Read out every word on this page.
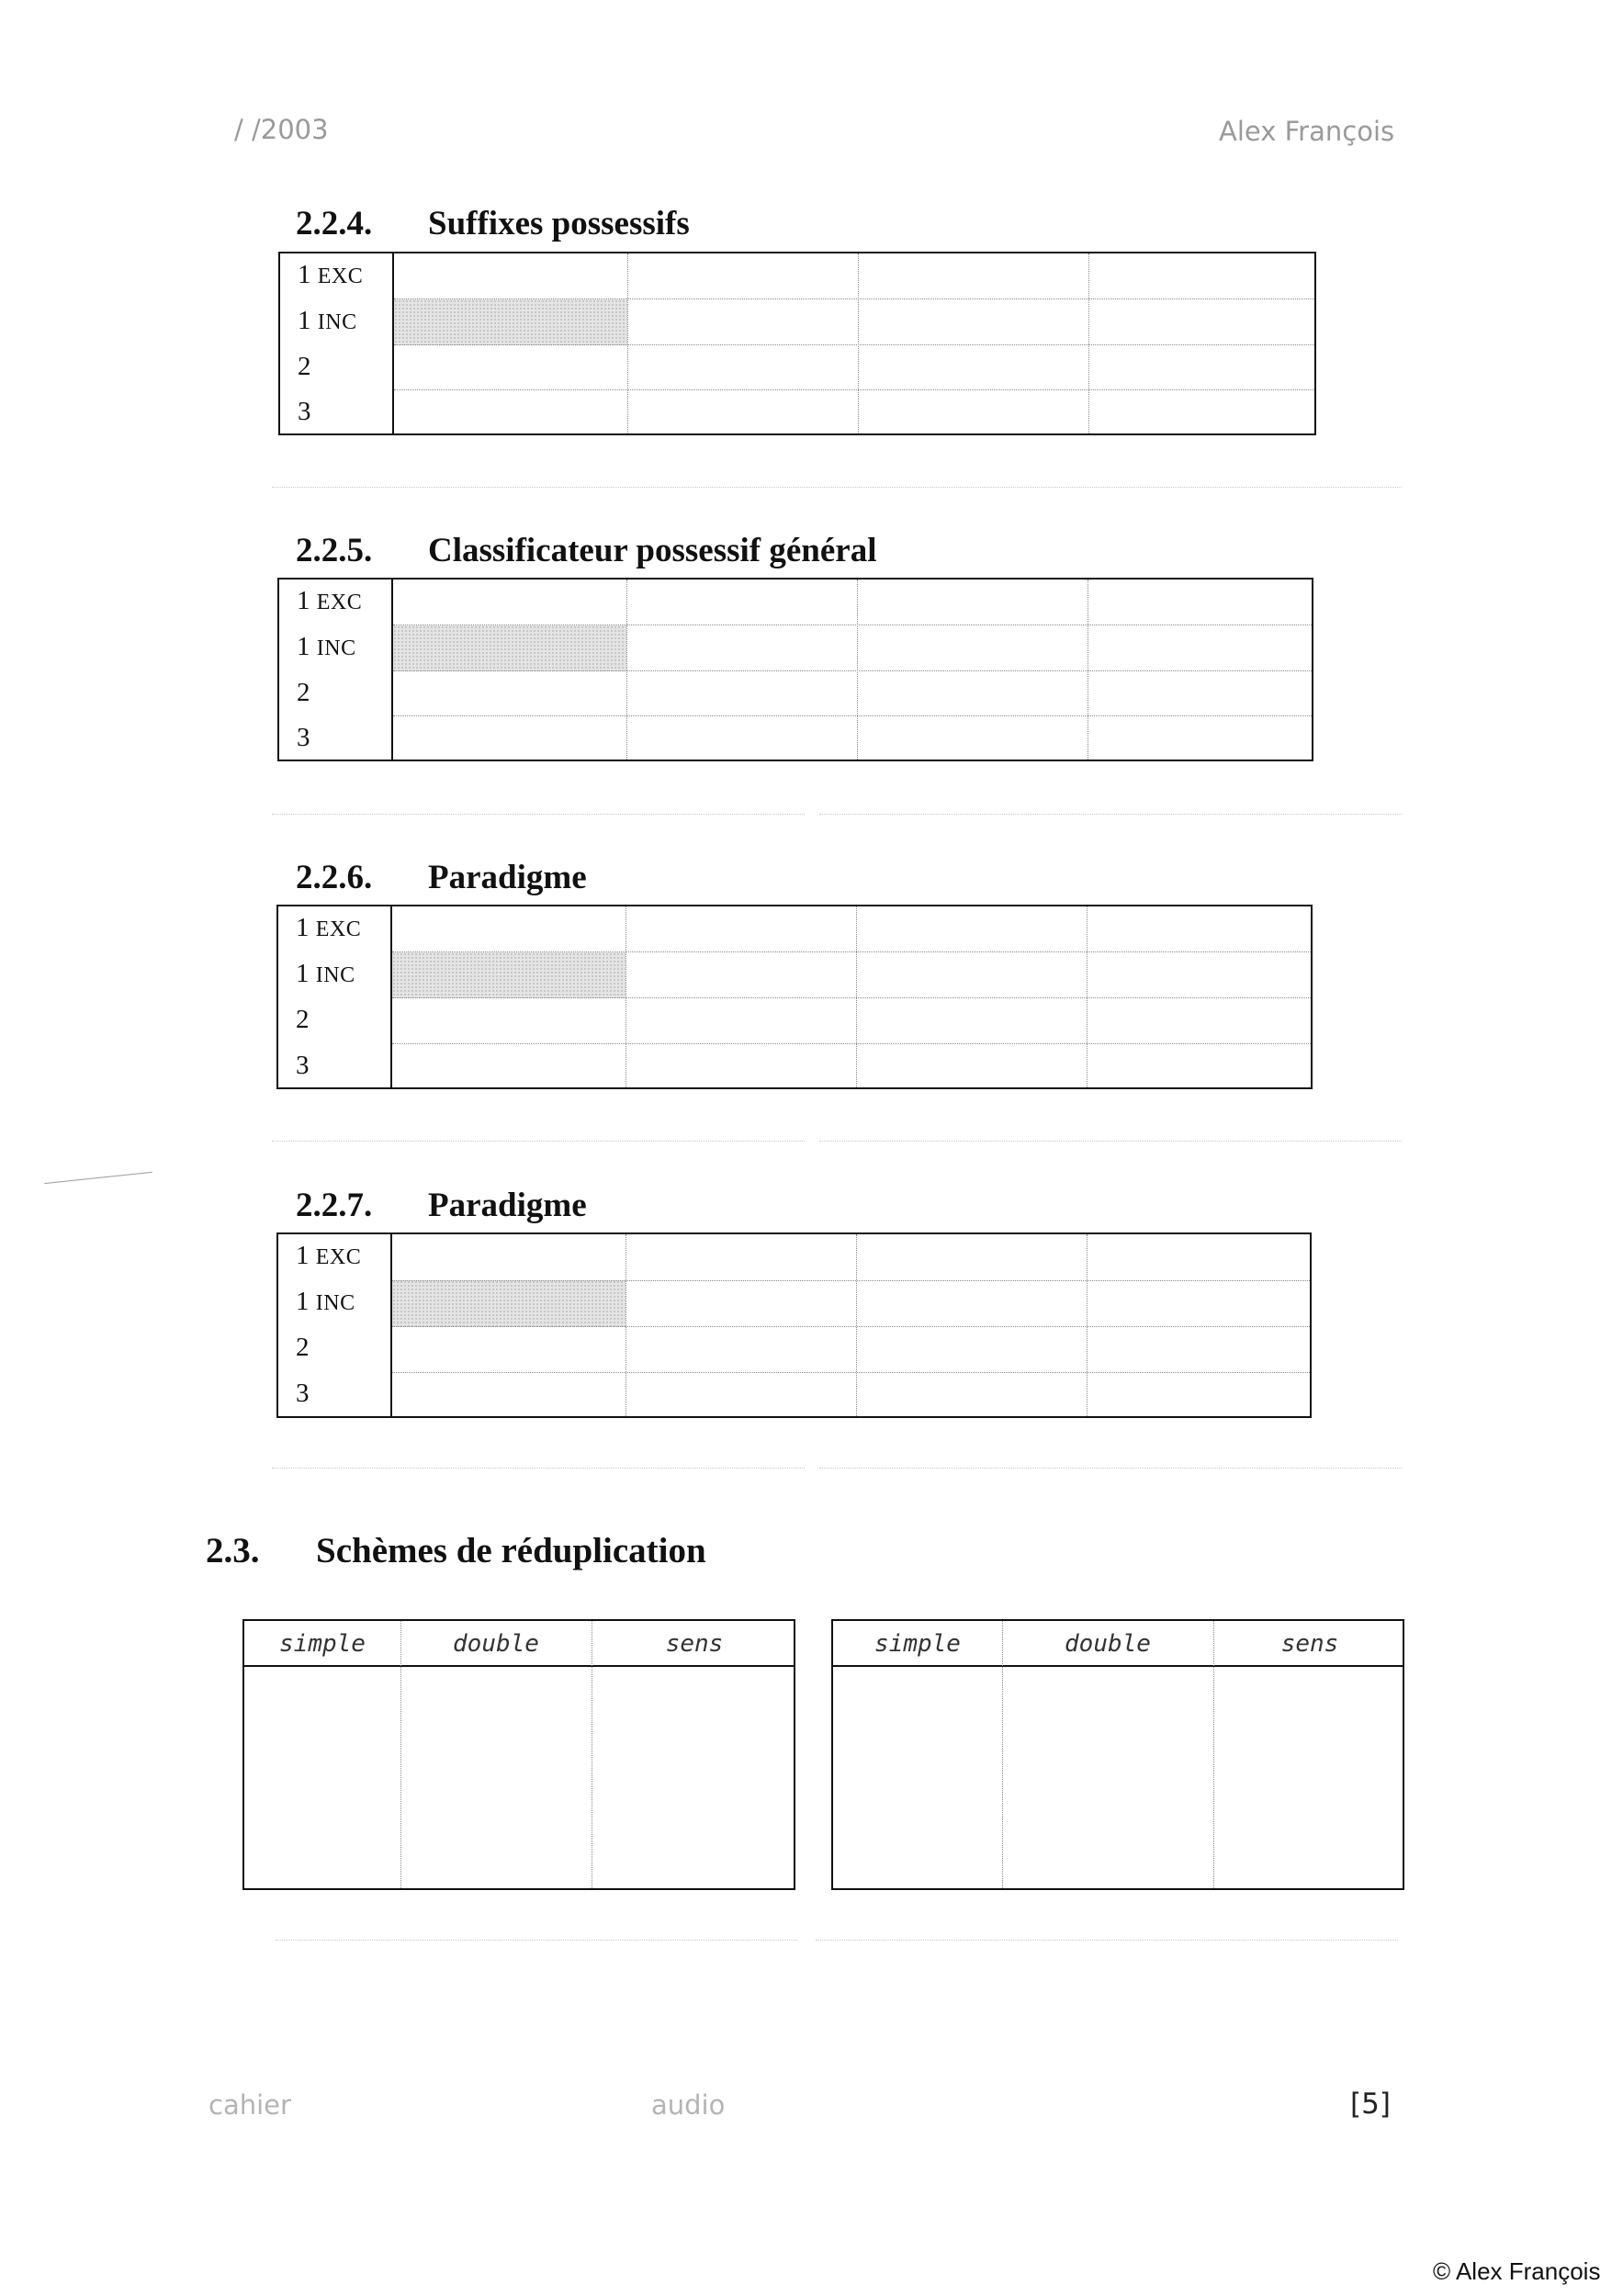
/ /2003	Alex François
2.2.4. Suffixes possessifs
1 EXC
1 INC
2
3
2.2.5. Classificateur possessif général
1 EXC
1 INC
2
3
2.2.6. Paradigme
1 EXC
1 INC
2
3
2.2.7. Paradigme
1 EXC
1 INC
2
3
2.3. Schèmes de réduplication
simple	double	sens	simple	double	sens
cahier	audio	[5]
© Alex François
